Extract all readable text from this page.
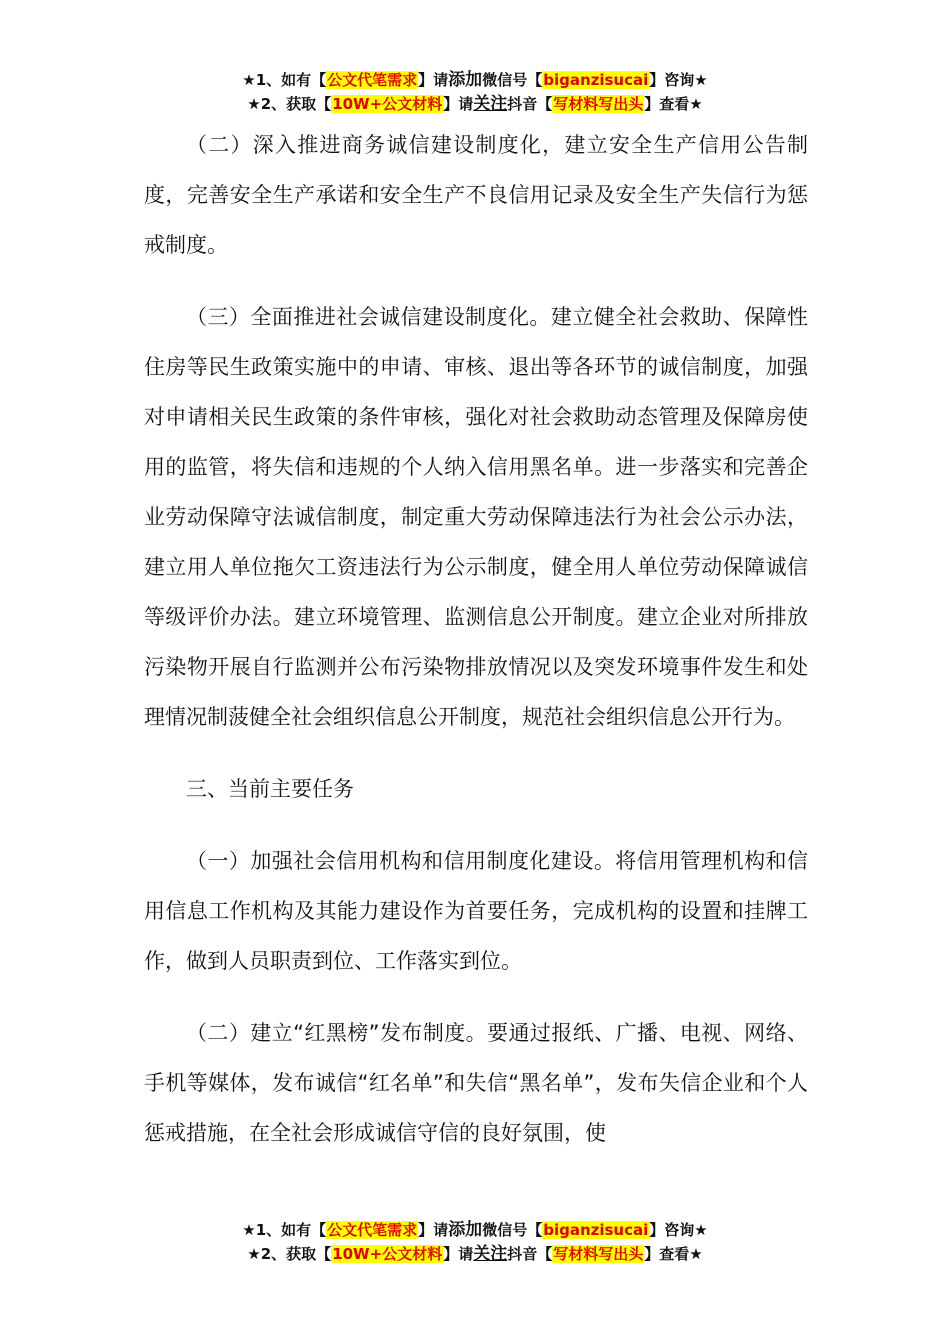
★1、如有【公文代笔需求】请添加微信号【biganzisucai】咨询★
★2、获取【10W+公文材料】请关注抖音【写材料写出头】查看★

（二）深入推进商务诚信建设制度化，建立安全生产信用公告制度，完善安全生产承诺和安全生产不良信用记录及安全生产失信行为惩戒制度。

（三）全面推进社会诚信建设制度化。建立健全社会救助、保障性住房等民生政策实施中的申请、审核、退出等各环节的诚信制度，加强对申请相关民生政策的条件审核，强化对社会救助动态管理及保障房使用的监管，将失信和违规的个人纳入信用黑名单。进一步落实和完善企业劳动保障守法诚信制度，制定重大劳动保障违法行为社会公示办法，建立用人单位拖欠工资违法行为公示制度，健全用人单位劳动保障诚信等级评价办法。建立环境管理、监测信息公开制度。建立企业对所排放污染物开展自行监测并公布污染物排放情况以及突发环境事件发生和处理情况制菠健全社会组织信息公开制度，规范社会组织信息公开行为。

三、当前主要任务

（一）加强社会信用机构和信用制度化建设。将信用管理机构和信用信息工作机构及其能力建设作为首要任务，完成机构的设置和挂牌工作，做到人员职责到位、工作落实到位。

（二）建立“红黑榜”发布制度。要通过报纸、广播、电视、网络、手机等媒体，发布诚信“红名单”和失信“黑名单”，发布失信企业和个人惩戒措施，在全社会形成诚信守信的良好氛围，使

★1、如有【公文代笔需求】请添加微信号【biganzisucai】咨询★
★2、获取【10W+公文材料】请关注抖音【写材料写出头】查看★
